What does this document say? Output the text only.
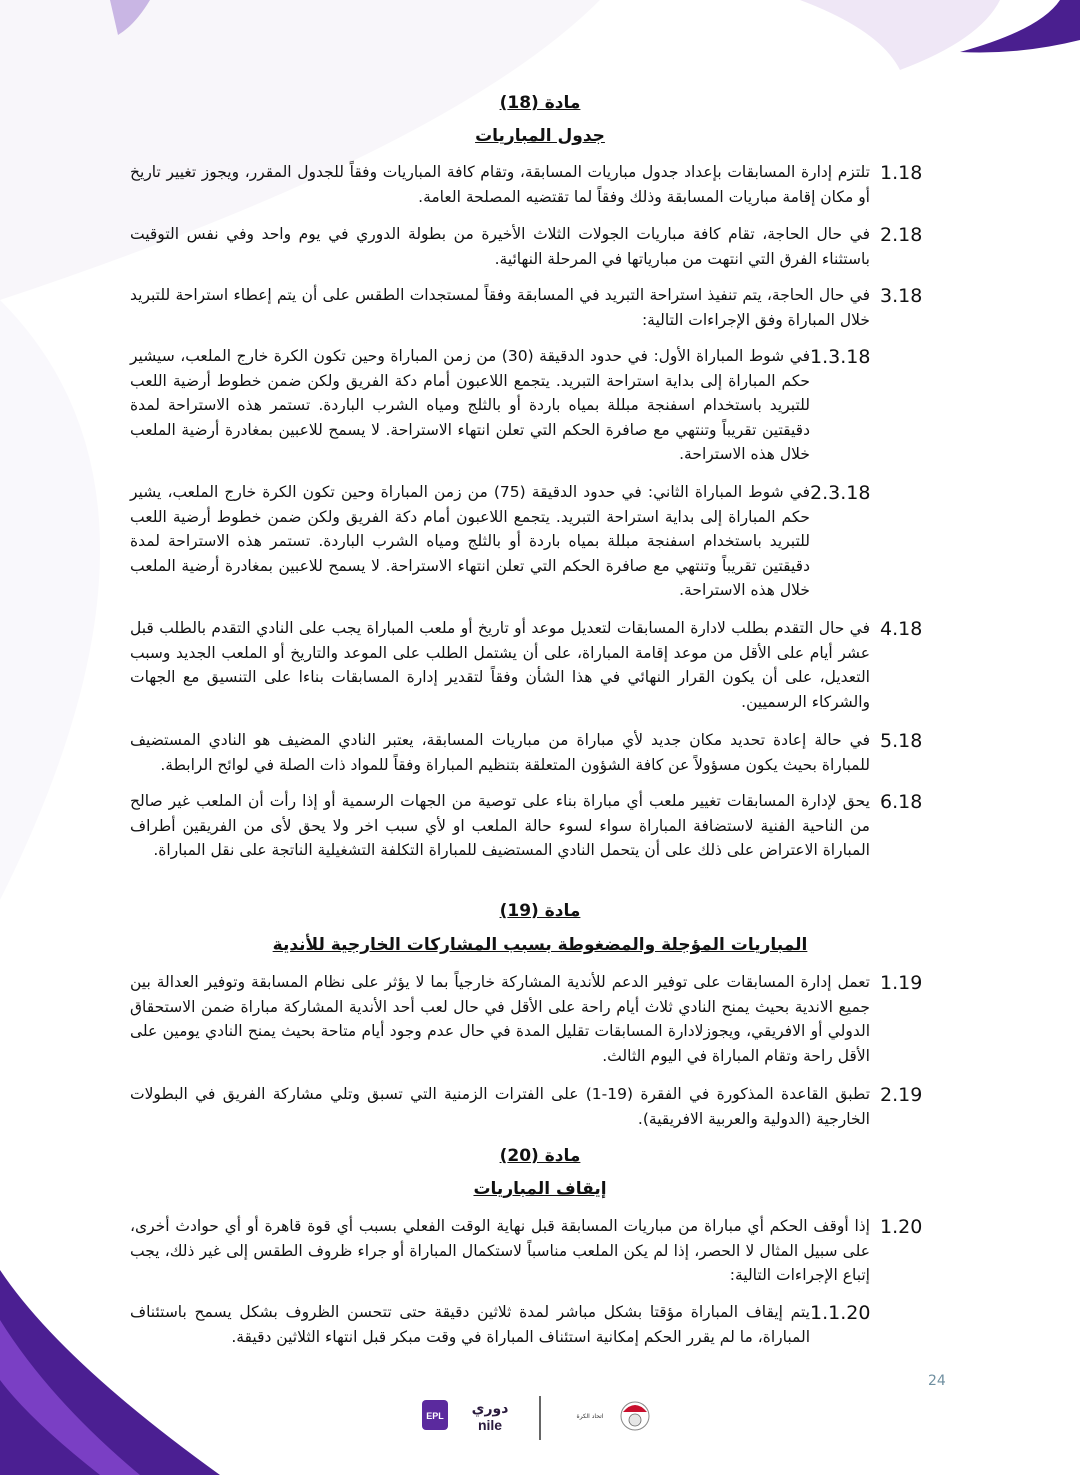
مادة (18)
جدول المباريات
1.18
تلتزم إدارة المسابقات بإعداد جدول مباريات المسابقة، وتقام كافة المباريات وفقاً للجدول المقرر، ويجوز تغيير تاريخ أو مكان إقامة مباريات المسابقة وذلك وفقاً لما تقتضيه المصلحة العامة.
2.18
في حال الحاجة، تقام كافة مباريات الجولات الثلاث الأخيرة من بطولة الدوري في يوم واحد وفي نفس التوقيت باستثناء الفرق التي انتهت من مبارياتها في المرحلة النهائية.
3.18
في حال الحاجة، يتم تنفيذ استراحة التبريد في المسابقة وفقاً لمستجدات الطقس على أن يتم إعطاء استراحة للتبريد خلال المباراة وفق الإجراءات التالية:
1.3.18
في شوط المباراة الأول: في حدود الدقيقة (30) من زمن المباراة وحين تكون الكرة خارج الملعب، سيشير حكم المباراة إلى بداية استراحة التبريد. يتجمع اللاعبون أمام دكة الفريق ولكن ضمن خطوط أرضية اللعب للتبريد باستخدام اسفنجة مبللة بمياه باردة أو بالثلج ومياه الشرب الباردة. تستمر هذه الاستراحة لمدة دقيقتين تقريباً وتنتهي مع صافرة الحكم التي تعلن انتهاء الاستراحة. لا يسمح للاعبين بمغادرة أرضية الملعب خلال هذه الاستراحة.
2.3.18
في شوط المباراة الثاني: في حدود الدقيقة (75) من زمن المباراة وحين تكون الكرة خارج الملعب، يشير حكم المباراة إلى بداية استراحة التبريد. يتجمع اللاعبون أمام دكة الفريق ولكن ضمن خطوط أرضية اللعب للتبريد باستخدام اسفنجة مبللة بمياه باردة أو بالثلج ومياه الشرب الباردة. تستمر هذه الاستراحة لمدة دقيقتين تقريباً وتنتهي مع صافرة الحكم التي تعلن انتهاء الاستراحة. لا يسمح للاعبين بمغادرة أرضية الملعب خلال هذه الاستراحة.
4.18
في حال التقدم بطلب لادارة المسابقات لتعديل موعد أو تاريخ أو ملعب المباراة يجب على النادي التقدم بالطلب قبل عشر أيام على الأقل من موعد إقامة المباراة، على أن يشتمل الطلب على الموعد والتاريخ أو الملعب الجديد وسبب التعديل، على أن يكون القرار النهائي في هذا الشأن وفقاً لتقدير إدارة المسابقات بناءا على التنسيق مع الجهات والشركاء الرسميين.
5.18
في حالة إعادة تحديد مكان جديد لأي مباراة من مباريات المسابقة، يعتبر النادي المضيف هو النادي المستضيف للمباراة بحيث يكون مسؤولاً عن كافة الشؤون المتعلقة بتنظيم المباراة وفقاً للمواد ذات الصلة في لوائح الرابطة.
6.18
يحق لإدارة المسابقات تغيير ملعب أي مباراة بناء على توصية من الجهات الرسمية أو إذا رأت أن الملعب غير صالح من الناحية الفنية لاستضافة المباراة سواء لسوء حالة الملعب او لأي سبب اخر ولا يحق لأى من الفريقين أطراف المباراة الاعتراض على ذلك على أن يتحمل النادي المستضيف للمباراة التكلفة التشغيلية الناتجة على نقل المباراة.
مادة (19)
المباريات المؤجلة والمضغوطة بسبب المشاركات الخارجية للأندية
1.19
تعمل إدارة المسابقات على توفير الدعم للأندية المشاركة خارجياً بما لا يؤثر على نظام المسابقة وتوفير العدالة بين جميع الاندية بحيث يمنح النادي ثلاث أيام راحة على الأقل في حال لعب أحد الأندية المشاركة مباراة ضمن الاستحقاق الدولي أو الافريقي، ويجوزلادارة المسابقات تقليل المدة في حال عدم وجود أيام متاحة بحيث يمنح النادي يومين على الأقل راحة وتقام المباراة في اليوم الثالث.
2.19
تطبق القاعدة المذكورة في الفقرة (19-1) على الفترات الزمنية التي تسبق وتلي مشاركة الفريق في البطولات الخارجية (الدولية والعربية الافريقية).
مادة (20)
إيقاف المباريات
1.20
إذا أوقف الحكم أي مباراة من مباريات المسابقة قبل نهاية الوقت الفعلي بسبب أي قوة قاهرة أو أي حوادث أخرى، على سبيل المثال لا الحصر، إذا لم يكن الملعب مناسباً لاستكمال المباراة أو جراء ظروف الطقس إلى غير ذلك، يجب إتباع الإجراءات التالية:
1.1.20
يتم إيقاف المباراة مؤقتا بشكل مباشر لمدة ثلاثين دقيقة حتى تتحسن الظروف بشكل يسمح باستئناف المباراة، ما لم يقرر الحكم إمكانية استئناف المباراة في وقت مبكر قبل انتهاء الثلاثين دقيقة.
24
EPL دوري
nile
اتحاد الكرة
